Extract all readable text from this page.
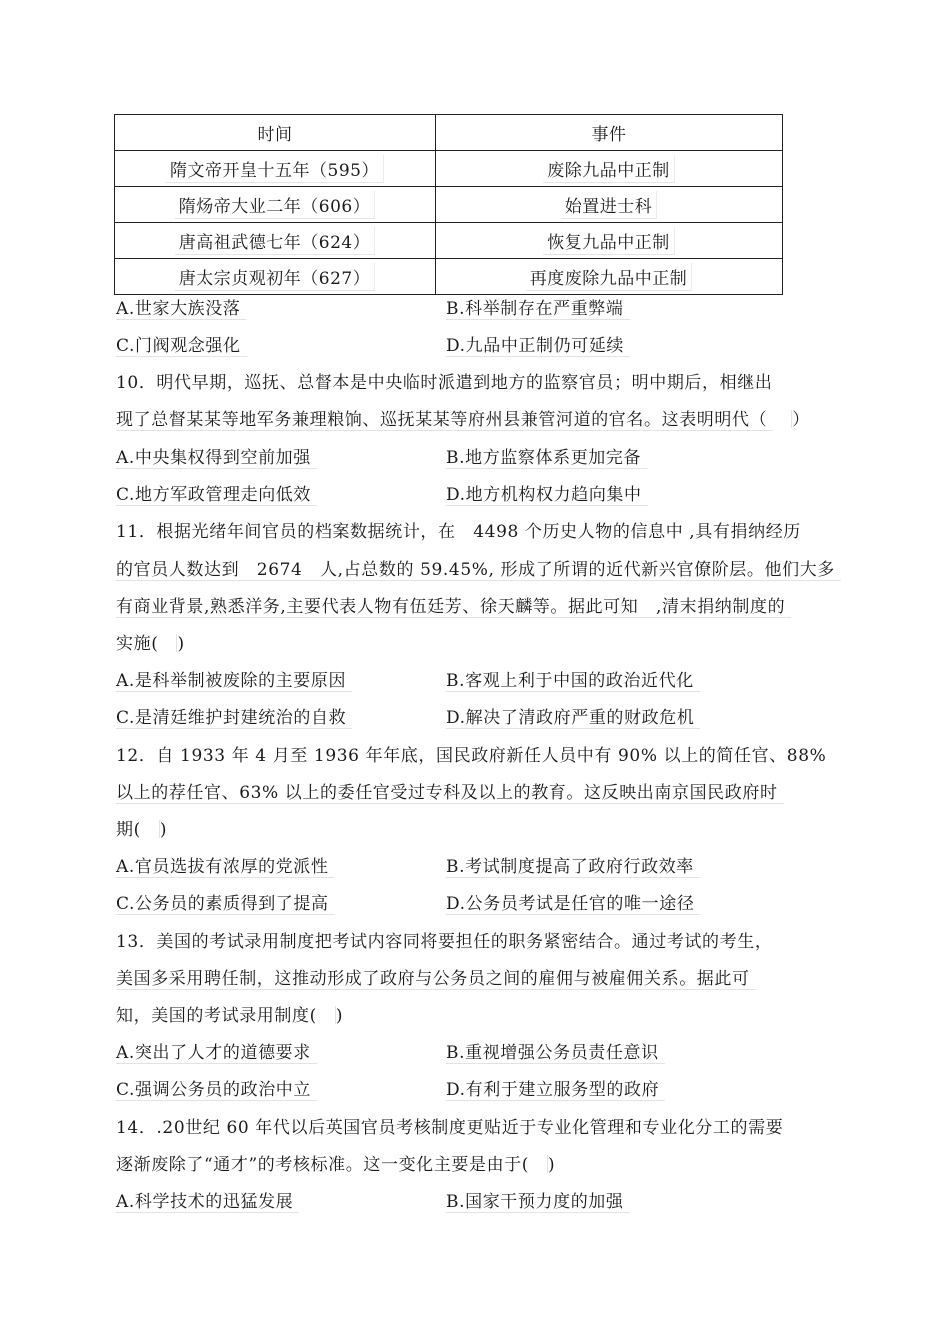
时间	事件
隋文帝开皇十五年（595）	废除九品中正制
隋炀帝大业二年（606）	始置进士科
唐高祖武德七年（624）	恢复九品中正制
唐太宗贞观初年（627）	再度废除九品中正制
A.世家大族没落	B.科举制存在严重弊端
C.门阀观念强化	D.九品中正制仍可延续
10．明代早期，巡抚、总督本是中央临时派遣到地方的监察官员；明中期后，相继出
现了总督某某等地军务兼理粮饷、巡抚某某等府州县兼管河道的官名。这表明明代（ ）
A.中央集权得到空前加强	B.地方监察体系更加完备
C.地方军政管理走向低效	D.地方机构权力趋向集中
11．根据光绪年间官员的档案数据统计，在　4498 个历史人物的信息中 ,具有捐纳经历
的官员人数达到　2674　人,占总数的 59.45%, 形成了所谓的近代新兴官僚阶层。他们大多
有商业背景,熟悉洋务,主要代表人物有伍廷芳、徐天麟等。据此可知　,清末捐纳制度的
实施( )
A.是科举制被废除的主要原因	B.客观上利于中国的政治近代化
C.是清廷维护封建统治的自救	D.解决了清政府严重的财政危机
12．自 1933 年 4 月至 1936 年年底，国民政府新任人员中有 90% 以上的简任官、88%
以上的荐任官、63% 以上的委任官受过专科及以上的教育。这反映出南京国民政府时
期( )
A.官员选拔有浓厚的党派性	B.考试制度提高了政府行政效率
C.公务员的素质得到了提高	D.公务员考试是任官的唯一途径
13．美国的考试录用制度把考试内容同将要担任的职务紧密结合。通过考试的考生，
美国多采用聘任制，这推动形成了政府与公务员之间的雇佣与被雇佣关系。据此可
知，美国的考试录用制度( )
A.突出了人才的道德要求	B.重视增强公务员责任意识
C.强调公务员的政治中立	D.有利于建立服务型的政府
14．.20世纪 60 年代以后英国官员考核制度更贴近于专业化管理和专业化分工的需要
逐渐废除了“通才”的考核标准。这一变化主要是由于( )
A.科学技术的迅猛发展	B.国家干预力度的加强
